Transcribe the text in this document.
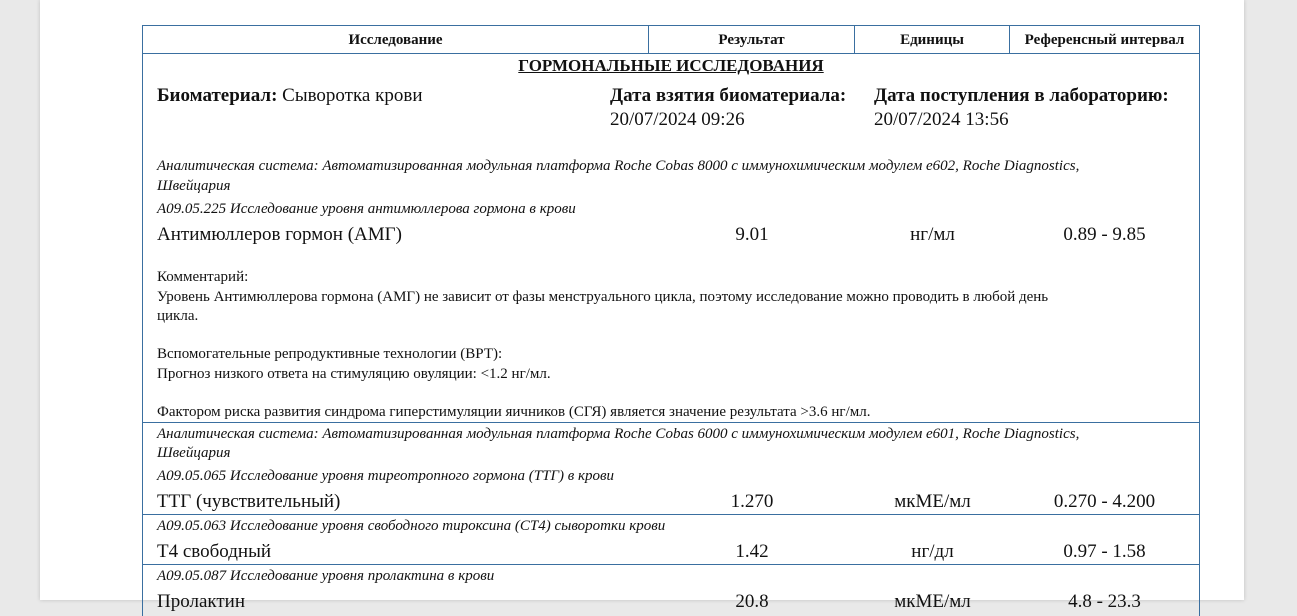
Исследование	Результат	Единицы	Референсный интервал
ГОРМОНАЛЬНЫЕ ИССЛЕДОВАНИЯ
Биоматериал: Сыворотка крови	Дата взятия биоматериала:
20/07/2024 09:26
Дата поступления в лабораторию:
20/07/2024 13:56
Аналитическая система: Автоматизированная модульная платформа Roche Cobas 8000 с иммунохимическим модулем е602, Roche Diagnostics,
Швейцария
A09.05.225 Исследование уровня антимюллерова гормона в крови
Антимюллеров гормон (АМГ)	9.01	нг/мл	0.89 - 9.85
Комментарий:
Уровень Антимюллерова гормона (АМГ) не зависит от фазы менструального цикла, поэтому исследование можно проводить в любой день
цикла.
Вспомогательные репродуктивные технологии (ВРТ):
Прогноз низкого ответа на стимуляцию овуляции: <1.2 нг/мл.
Фактором риска развития синдрома гиперстимуляции яичников (СГЯ) является значение результата >3.6 нг/мл.
Аналитическая система: Автоматизированная модульная платформа Roche Cobas 6000 с иммунохимическим модулем е601, Roche Diagnostics,
Швейцария
A09.05.065 Исследование уровня тиреотропного гормона (ТТГ) в крови
ТТГ (чувствительный)	1.270	мкМЕ/мл	0.270 - 4.200
A09.05.063 Исследование уровня свободного тироксина (СТ4) сыворотки крови
Т4 свободный	1.42	нг/дл	0.97 - 1.58
A09.05.087 Исследование уровня пролактина в крови
Пролактин	20.8	мкМЕ/мл	4.8 - 23.3
